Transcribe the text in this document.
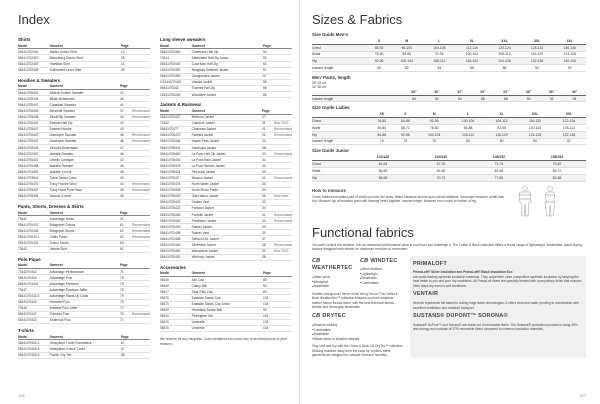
Index
Shirts
Model	Garment	Page	
05441/702400	Bahler Oxford Shirt	12	
05441/702410	Blarudberg Denim Shirt	09	
05441/702407	Hamilton Shirt	11	
05441/702406	Sutherland Linen Shirt	09	
Hoodies & Sweaters
Model	Garment	Page	
05441/705403	Belleric Knitted Sweater	42	
05441/705444	Bilskir Buttermark	46	
05441/705407	Canadian Sweater	41	
05441/705405	Bennette Sweater	47	Recommand
05441/705445	Elliott Rip Sweater	40	Recommand
05441/705402	Everest Half Zip	43	
05441/705447	Everest Hoodie	43	
05441/705447	Gascoyne Sweater	46	Recommand
05441/705447	Gascoyne Sweater	46	Recommand
05441/705449	Kinnaird Buttermark	47	
05441/702407	Isabelle Sweater	46	
05441/705421	Lenelin Cardigan	42	
05441/705488	Isabelle Sweater	46	
05441/703497	Isabelle V-neck	48	
05441/703841	Trace Denim Crew	49	
05441/705470	Tracy Hoodie Wool	44	Recommand
05441/705437	Tracy Hood Pure Rack	45	Recommand
05441/705454	Varsum V-neck	46	
Pants, Shorts, Dresses & Skirts
Model	Garment	Page	
73442	Advantage Dress	41	
05441/700437	Bridgeport Chinos	61	Recommand
05441/700435	Bridgeport Shorts	62	Recommand
05441/70043-1	Cabin Pants	62	Recommand
05441/700433	Solent Shorts	60	
73442	Varieta Skirt	61	
Polo Pique
Model	Garment	Page	
73442/70442	Advantage Performance	71	
05441/70404	Advantage Polo	75	
05441/703442	Advantage Premium	75	
73447	Advantage Rowham Jaffer	78	
05441/70442-3	Advantage Stand-Up Collar	79	
05441/70440	Hemsted Polo	75	
73446	Brewers Polo Jaffer	72	
05441/70447	Princess Polo	76	Recommand
05441/70442	Seabrook Polo	71	
T-shirts
Model	Garment	Page	
05441/70450-3	Heavyland T-shirt Roundneck	67	
05441/70450-8	Heavyland V-neck T-shirt	67	
05441/70450-5	Pacific City Tee	68	
Long sleeve sweaters
Model	Garment	Page	
05441/702460	Chambers Half Zip	54	
73414	Steelmann Half Zip Jumor	53	
05441/700440	Coca Mac Half Zip	54	
15441/700450	Neuglass Softshell Jacket	57	
05441/702450	Gauguedera Jacket	57	
1/13442/70442	Viscula Jacket	55	
05441/70440	Thames Half Zip	56	
15441/705440	Woodslee Jacket	55	
Jackets & Rainwear
Model	Garment	Page	
05441/703427	Bellevue Jacket	27	
73442	Caindore Jacket	31	New 2023
05441/70477	Chainsaw Jacket	41	Recommand
05441/705470	Fairfield Jacket	31	Recommand
05441/705446	Hayes Peak Jacket	33	
05441/705441	Kamloops Jacket	38	
05441/705462	La Push Half Zip Jacket	33	Recommand
05441/705402	La Push Rain Jacket	34	
05441/705475	La Push Stretch Jacket	33	
05441/705424	Pinchurst Jacket	39	
05441/70042	Mission Jacket	41	Recommand
15441/700474	North Water Jacket	30	
05441/705405	North Shore Pants	34	
05441/705409	Oak Harbor Jacket	36	New color
05441/705402	Osalier Vest	32	
05441/705422	Portland Jacket	34	
05441/705455	Portville Jacket	31	Recommand
05441/705440	Pendleton Jacket	34	Recommand
05441/705403	Rainier Jacket	30	
05441/702408	Rainier Vest	30	
05441/702408	Stetson Ltd. Jacket	37	
05441/700440	Silverdale Jacket	38	Recommand
05441/700460	Wenatchee Jacket	32	New 2023
05441/700400	Winthrop Jacket	38	
Accessories
Model	Garment	Page	
05440	Ash Cap	89	
05440	Cashy Belt	93	
05417	Dear Park Cap	89	
05470	Eastside Sands Cap	104	
05470	Eastside Sands Cap Junior	104	
05409	Hinchfield Suede Belt	93	
05410	Pinehighte Hat	104	
05410	Umbrella	103	
05470	Umbrella	104	
We reserve for any misprints. Color deviations can occur due to technical photo or print reasons.
106
Sizes & Fabrics
Size Guide Men's
	S	M	L	XL	XXL	3XL	4XL
Chest	88-92	96-100	104-108	112-116	120-124	128-132	136-140
Waist	76-80	84-88	92-96	100-104	108-112	116-120	124-128
Hip	92-96	100-104	108-112	116-120	124-128	132-136	140-144
Inseam length	80	82	84	86	88	90	92
Men' Pants, length
28" 32 cm
34" 86 cm
	28"	30"	32"	33"	34"	36"	38"	40"
Inseam length	80	82	84	86	88	90	92	94
Size Guide Ladies
	XS	S	M	L	XL	XXL	3XL
Chest	76-80	84-88	92-96	100-104	108-112	116-120	122-126
Waist	60-64	68-72	76-80	84-88	92-96	100-104	108-112
Hip	84-88	92-96	100-104	108-112	116-120	124-128	132-136
Inseam length	76	78	78	80	80	80	82
Size Guide Junior
	122/128	134/140	146/152	158/164
Chest	61-64	67-70	73-76	79-82
Waist	56-59	62-65	63-66	69-72
Hip	65-68	70-73	77-80	82-86
How to measure
Chest: Measure broadest part of chest up under the arms. Waist: Measure around your natural waistline. Keep tape measure a little lose. Hip: Measure hip at broadest point with keeping heels together. Inseam length: Measure from crotch to bottom of leg.
Functional fabrics
You can't control the weather, but our advanced performance wear is proof you can challenge it. The Cutter & Buck collection offers a broad range of lightweight, breathable, quick-drying clothes designed with stretch for maximum freedom of movement.
CBWEATHERTEC
● Water proof
● Windproof
● Breathable
CB WINDTEC
● Wind resistant
● Lightweight
● Breathable
● Comfortable
Sudden downpours? Never mind! Bring 'em on! The Cutter & Buck WeatherTec™ collection ensures you from whatever mother nature throws down, with the best technical fabrics – flexible and thoroughly breathable.
CB DRYTEC
● Moisture wicking
● Comfortable
● Breathable
● Allows fabric to breathe naturally
Stay cool and dry with the Cutter & Buck CB DryTec™ collection. Wicking moisture away from the body for comfort, these garments are designed to conquer heat and humidity.
PRIMALOFT
PrimaLoft® Silver Insulation and PrimaLoft® Black Insulation Eco
are world-leading synthetic insulation materials. They outperform other competitive synthetic insulation by keeping the heat better to you and your dry conditions. All PrimaLoft fibers are specially treated with a proprietary finish that ensures them stays dry even in wet conditions.
VENTAIR
Vent Air represents the lasted in cutting edge fabric technologies. It offers wind and water proofing in combination with excellent ventilation and moisture transport.
SUSTANS® DUPONT™ SORONA®
Sustans® DuPont™ and Sorona® are made out of renewable fibers. The Sustans® production process is using 30% less energy and consists of 37% renewable fibers compared to common insulation materials.
107
